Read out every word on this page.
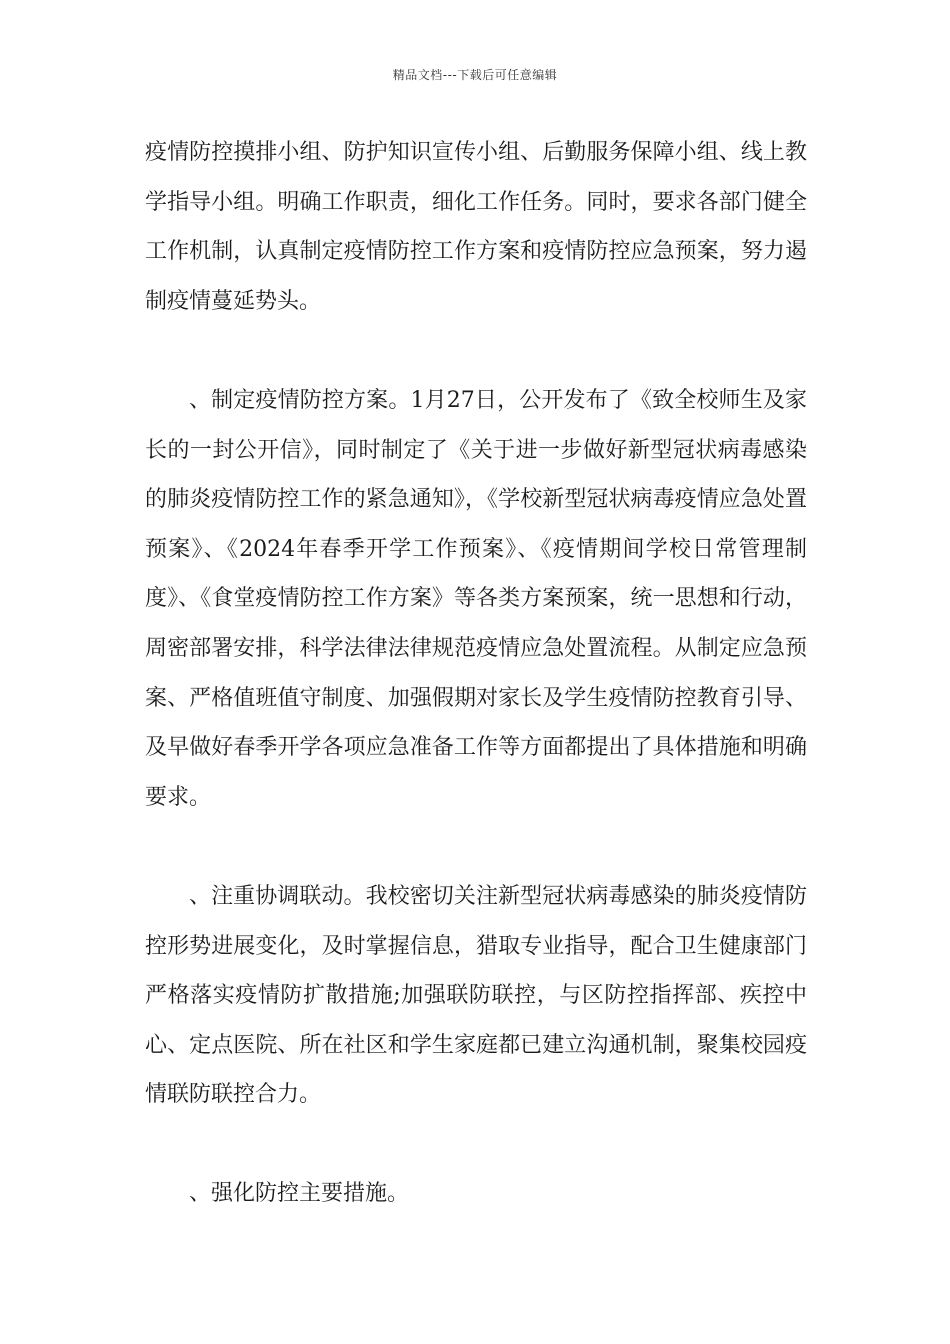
精品文档---下载后可任意编辑

疫情防控摸排小组、防护知识宣传小组、后勤服务保障小组、线上教学指导小组。明确工作职责，细化工作任务。同时，要求各部门健全工作机制，认真制定疫情防控工作方案和疫情防控应急预案，努力遏制疫情蔓延势头。

、制定疫情防控方案。1月27日，公开发布了《致全校师生及家长的一封公开信》，同时制定了《关于进一步做好新型冠状病毒感染的肺炎疫情防控工作的紧急通知》，《学校新型冠状病毒疫情应急处置预案》、《2024年春季开学工作预案》、《疫情期间学校日常管理制度》、《食堂疫情防控工作方案》等各类方案预案，统一思想和行动，周密部署安排，科学法律法律规范疫情应急处置流程。从制定应急预案、严格值班值守制度、加强假期对家长及学生疫情防控教育引导、及早做好春季开学各项应急准备工作等方面都提出了具体措施和明确要求。

、注重协调联动。我校密切关注新型冠状病毒感染的肺炎疫情防控形势进展变化，及时掌握信息，猎取专业指导，配合卫生健康部门严格落实疫情防扩散措施;加强联防联控，与区防控指挥部、疾控中心、定点医院、所在社区和学生家庭都已建立沟通机制，聚集校园疫情联防联控合力。

、强化防控主要措施。
